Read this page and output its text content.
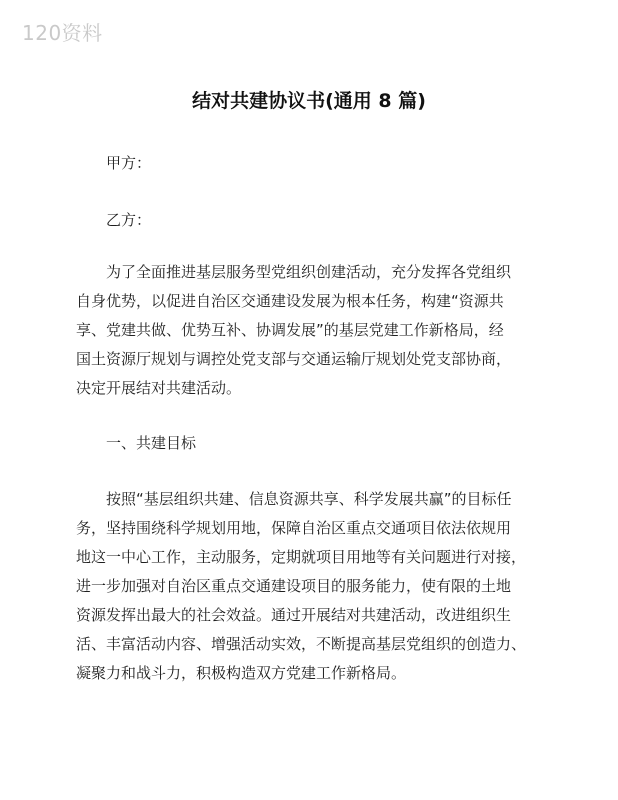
120资料
结对共建协议书(通用 8 篇)
甲方：
乙方：
为了全面推进基层服务型党组织创建活动，充分发挥各党组织
自身优势，以促进自治区交通建设发展为根本任务，构建“资源共
享、党建共做、优势互补、协调发展”的基层党建工作新格局，经
国土资源厅规划与调控处党支部与交通运输厅规划处党支部协商，
决定开展结对共建活动。
一、共建目标
按照“基层组织共建、信息资源共享、科学发展共赢”的目标任
务，坚持围绕科学规划用地，保障自治区重点交通项目依法依规用
地这一中心工作，主动服务，定期就项目用地等有关问题进行对接，
进一步加强对自治区重点交通建设项目的服务能力，使有限的土地
资源发挥出最大的社会效益。通过开展结对共建活动，改进组织生
活、丰富活动内容、增强活动实效，不断提高基层党组织的创造力、
凝聚力和战斗力，积极构造双方党建工作新格局。
